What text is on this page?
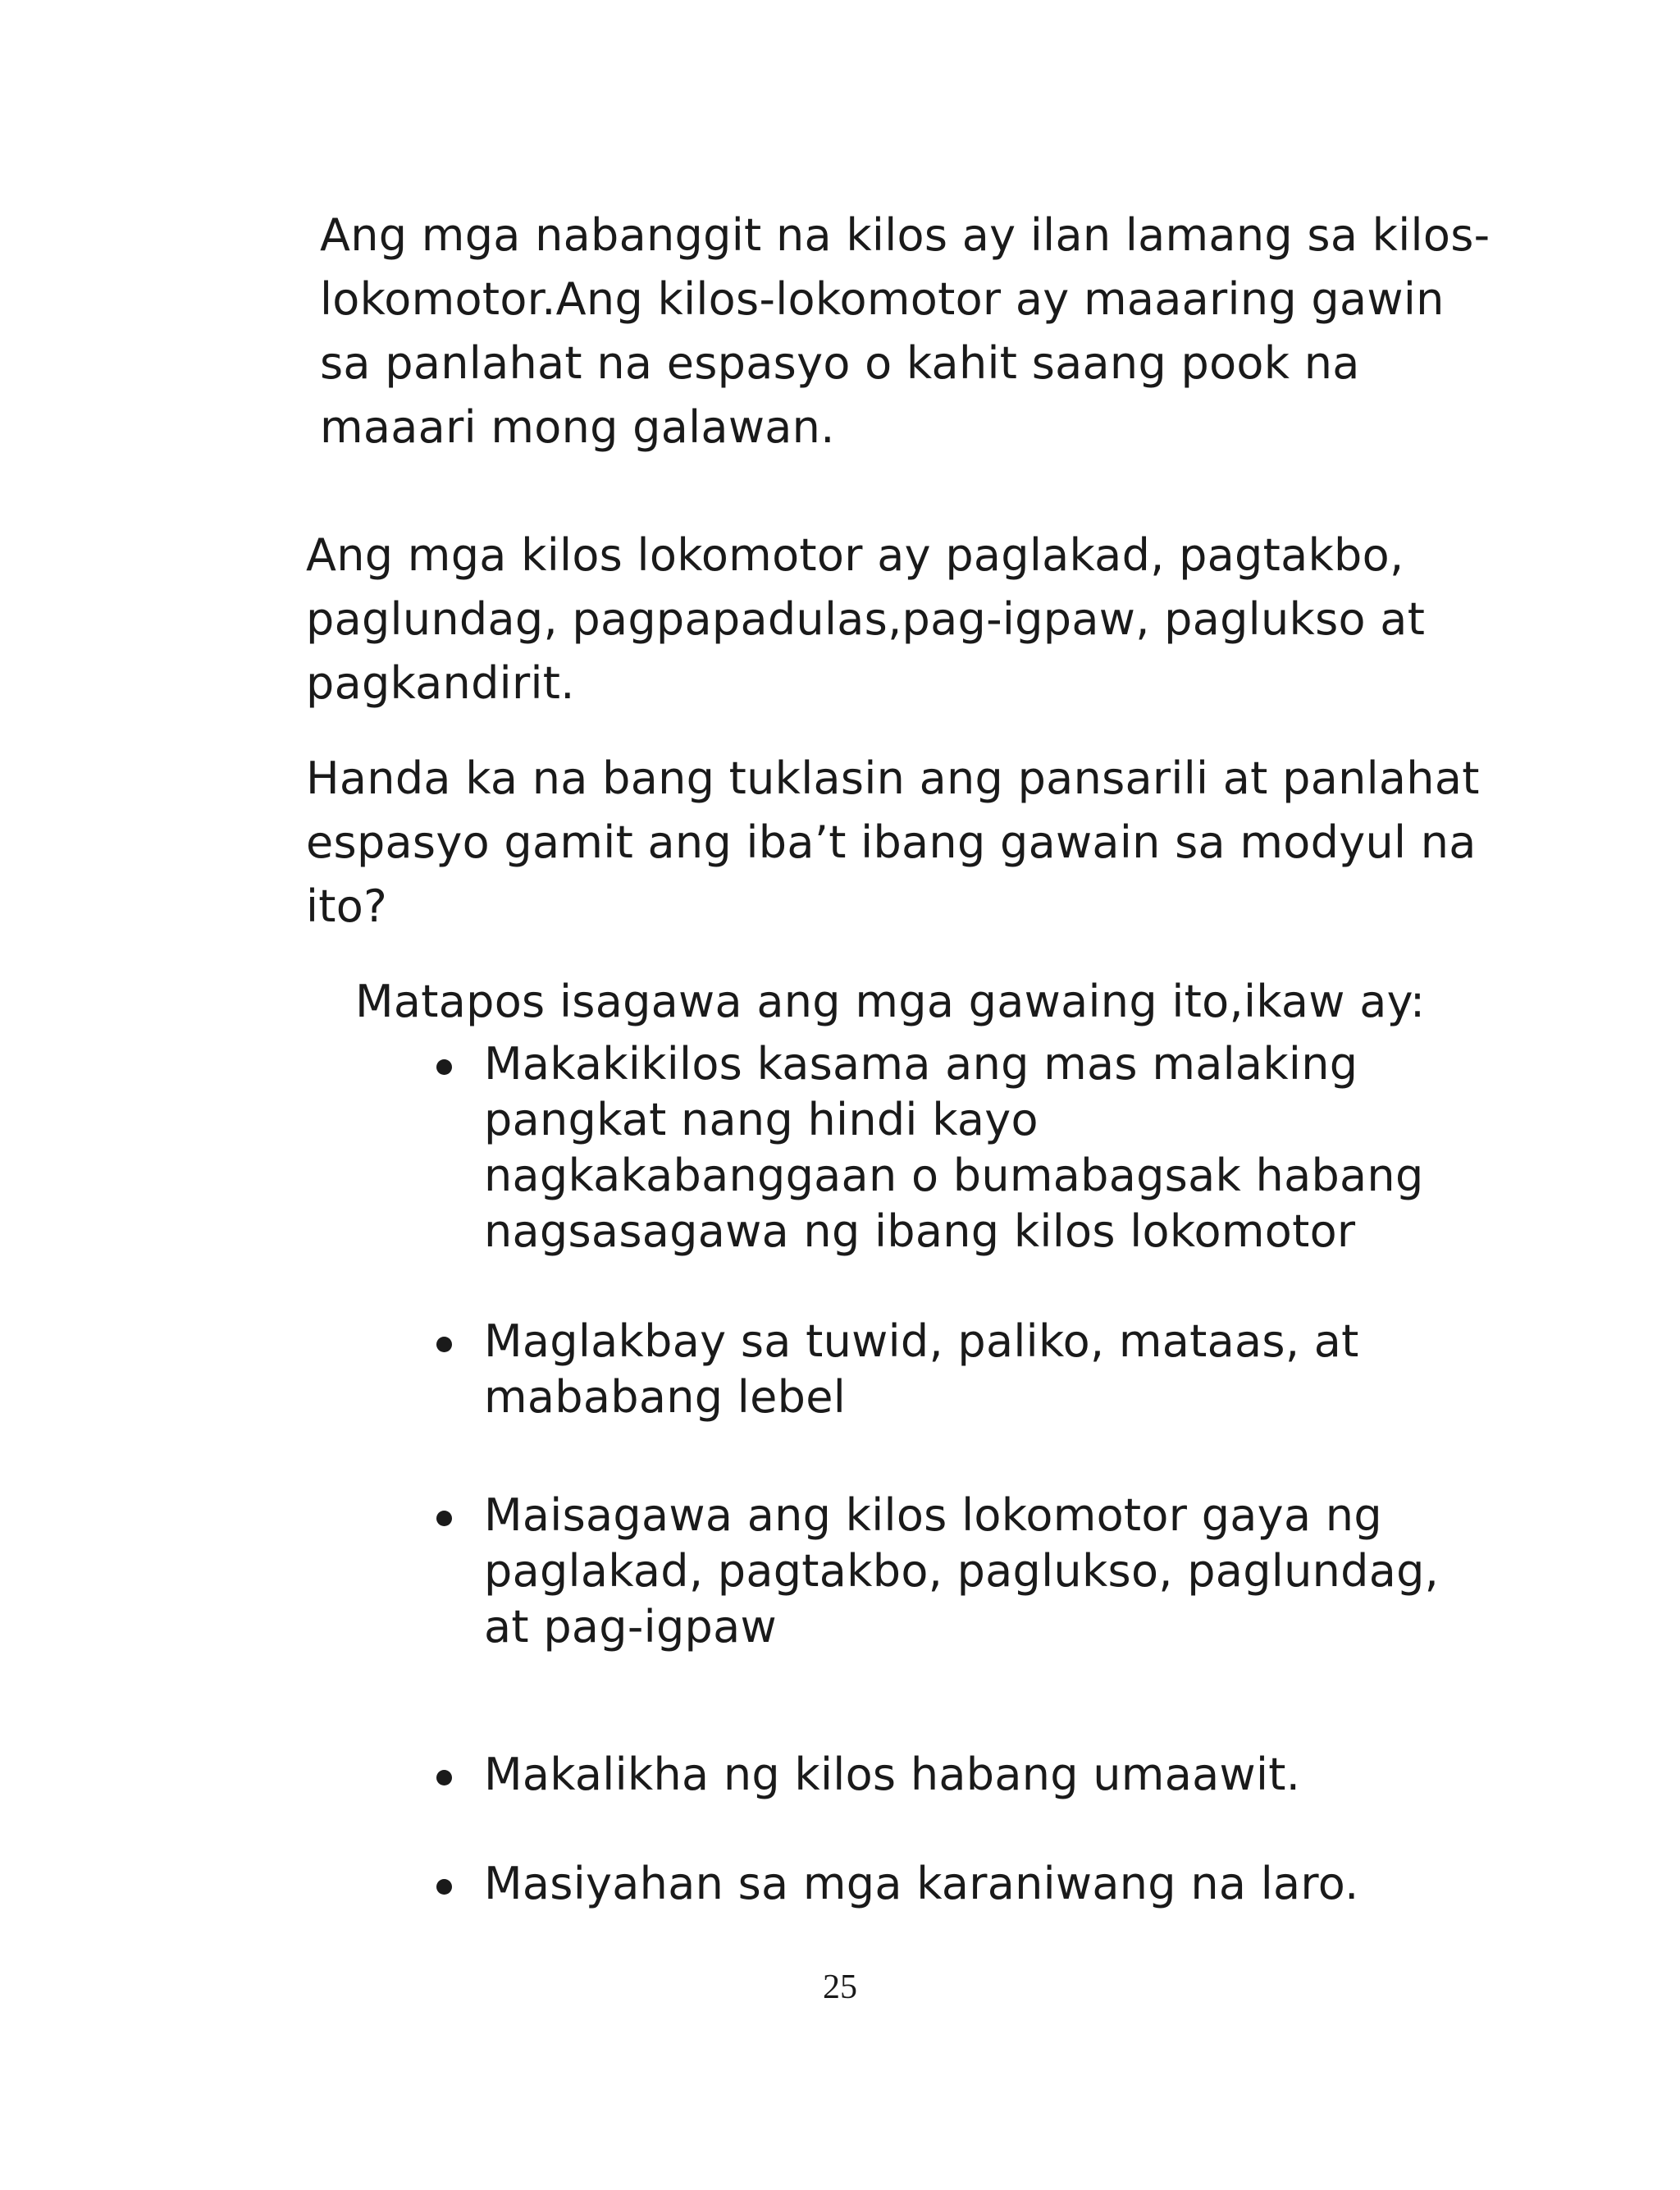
Ang mga nabanggit na kilos ay ilan lamang sa kilos-
lokomotor.Ang kilos-lokomotor ay maaaring gawin
sa panlahat na espasyo o kahit saang pook na
maaari mong galawan.
Ang mga kilos lokomotor ay paglakad, pagtakbo,
paglundag, pagpapadulas,pag-igpaw, paglukso at
pagkandirit.
Handa ka na bang tuklasin ang pansarili at panlahat
espasyo gamit ang iba’t ibang gawain sa modyul na
ito?
Matapos isagawa ang mga gawaing ito,ikaw ay:
Makakikilos kasama ang mas malaking
pangkat nang hindi kayo
nagkakabanggaan o bumabagsak habang
nagsasagawa ng ibang kilos lokomotor
Maglakbay sa tuwid, paliko, mataas, at
mababang lebel
Maisagawa ang kilos lokomotor gaya ng
paglakad, pagtakbo, paglukso, paglundag,
at pag-igpaw
Makalikha ng kilos habang umaawit.
Masiyahan sa mga karaniwang na laro.
25
